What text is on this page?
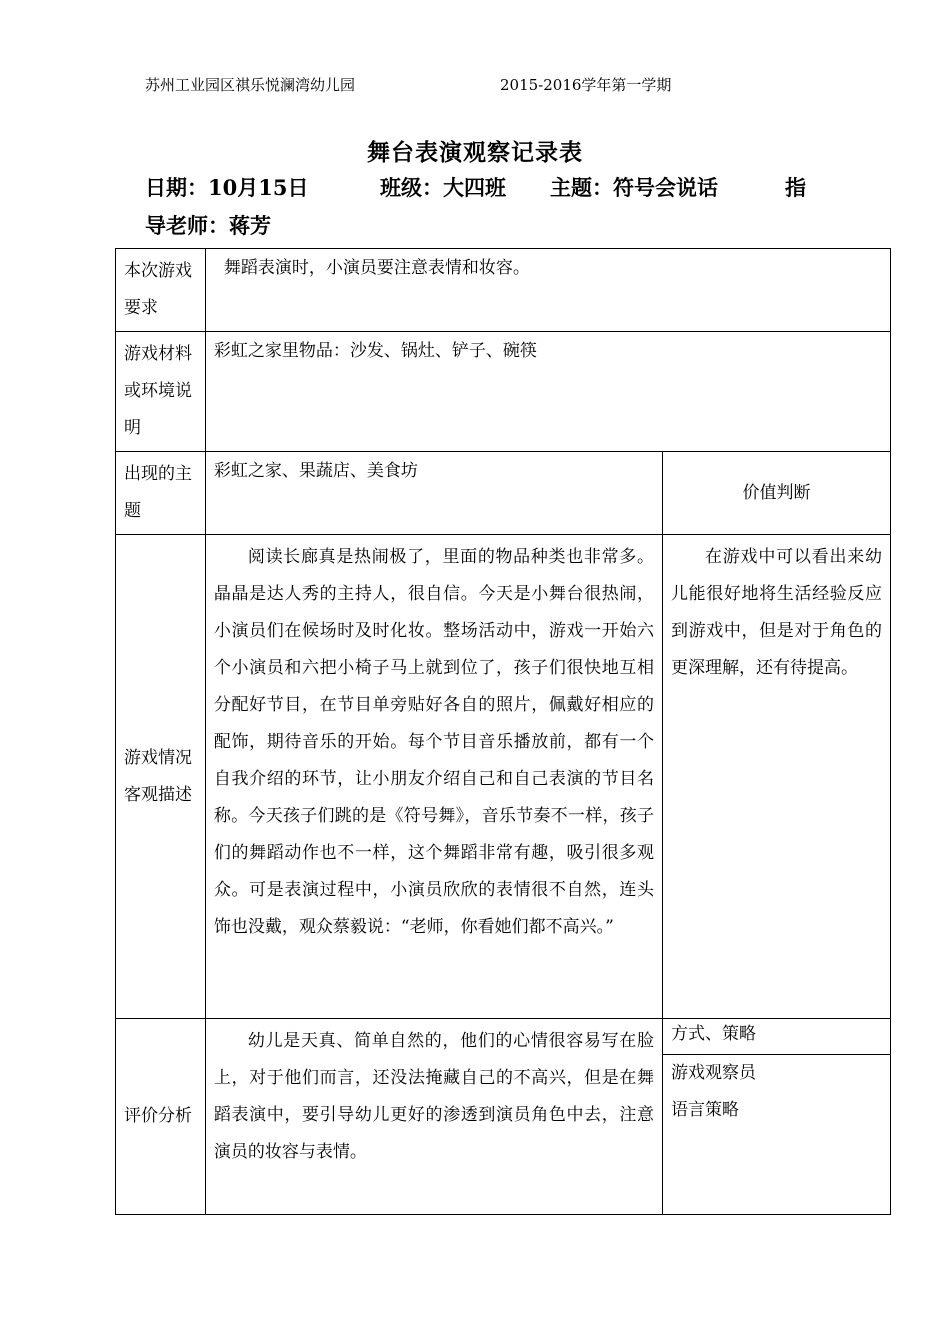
苏州工业园区祺乐悦澜湾幼儿园	2015-2016学年第一学期
舞台表演观察记录表
日期：10月15日	班级：大四班 主题：符号会说话	指
导老师：蒋芳
本次游戏要求	舞蹈表演时，小演员要注意表情和妆容。	
游戏材料或环境说明	彩虹之家里物品：沙发、锅灶、铲子、碗筷	
出现的主题	彩虹之家、果蔬店、美食坊	价值判断
游戏情况客观描述	阅读长廊真是热闹极了，里面的物品种类也非常多。晶晶是达人秀的主持人，很自信。今天是小舞台很热闹，小演员们在候场时及时化妆。整场活动中，游戏一开始六个小演员和六把小椅子马上就到位了，孩子们很快地互相分配好节目，在节目单旁贴好各自的照片，佩戴好相应的配饰，期待音乐的开始。每个节目音乐播放前，都有一个自我介绍的环节，让小朋友介绍自己和自己表演的节目名称。今天孩子们跳的是《符号舞》，音乐节奏不一样，孩子们的舞蹈动作也不一样，这个舞蹈非常有趣，吸引很多观众。可是表演过程中，小演员欣欣的表情很不自然，连头饰也没戴，观众蔡毅说：“老师，你看她们都不高兴。”	在游戏中可以看出来幼儿能很好地将生活经验反应到游戏中，但是对于角色的更深理解，还有待提高。
评价分析	幼儿是天真、简单自然的，他们的心情很容易写在脸上，对于他们而言，还没法掩藏自己的不高兴，但是在舞蹈表演中，要引导幼儿更好的渗透到演员角色中去，注意演员的妆容与表情。	方式、策略
游戏观察员
语言策略
